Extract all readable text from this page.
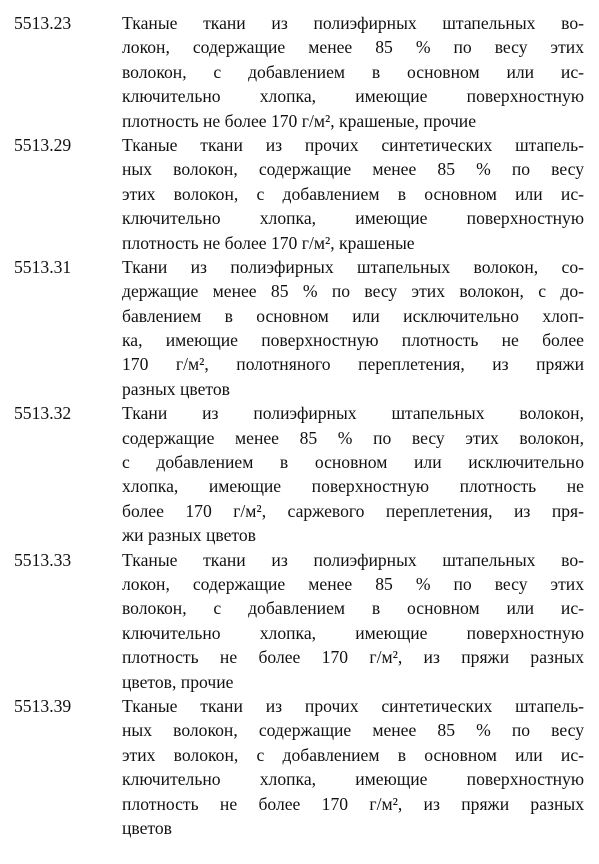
5513.23	Тканые ткани из полиэфирных штапельных во-
локон, содержащие менее 85 % по весу этих
волокон, с добавлением в основном или ис-
ключительно хлопка, имеющие поверхностную
плотность не более 170 г/м², крашеные, прочие
5513.29	Тканые ткани из прочих синтетических штапель-
ных волокон, содержащие менее 85 % по весу
этих волокон, с добавлением в основном или ис-
ключительно хлопка, имеющие поверхностную
плотность не более 170 г/м², крашеные
5513.31	Ткани из полиэфирных штапельных волокон, со-
держащие менее 85 % по весу этих волокон, с до-
бавлением в основном или исключительно хлоп-
ка, имеющие поверхностную плотность не более
170 г/м², полотняного переплетения, из пряжи
разных цветов
5513.32	Ткани из полиэфирных штапельных волокон,
содержащие менее 85 % по весу этих волокон,
с добавлением в основном или исключительно
хлопка, имеющие поверхностную плотность не
более 170 г/м², саржевого переплетения, из пря-
жи разных цветов
5513.33	Тканые ткани из полиэфирных штапельных во-
локон, содержащие менее 85 % по весу этих
волокон, с добавлением в основном или ис-
ключительно хлопка, имеющие поверхностную
плотность не более 170 г/м², из пряжи разных
цветов, прочие
5513.39	Тканые ткани из прочих синтетических штапель-
ных волокон, содержащие менее 85 % по весу
этих волокон, с добавлением в основном или ис-
ключительно хлопка, имеющие поверхностную
плотность не более 170 г/м², из пряжи разных
цветов
